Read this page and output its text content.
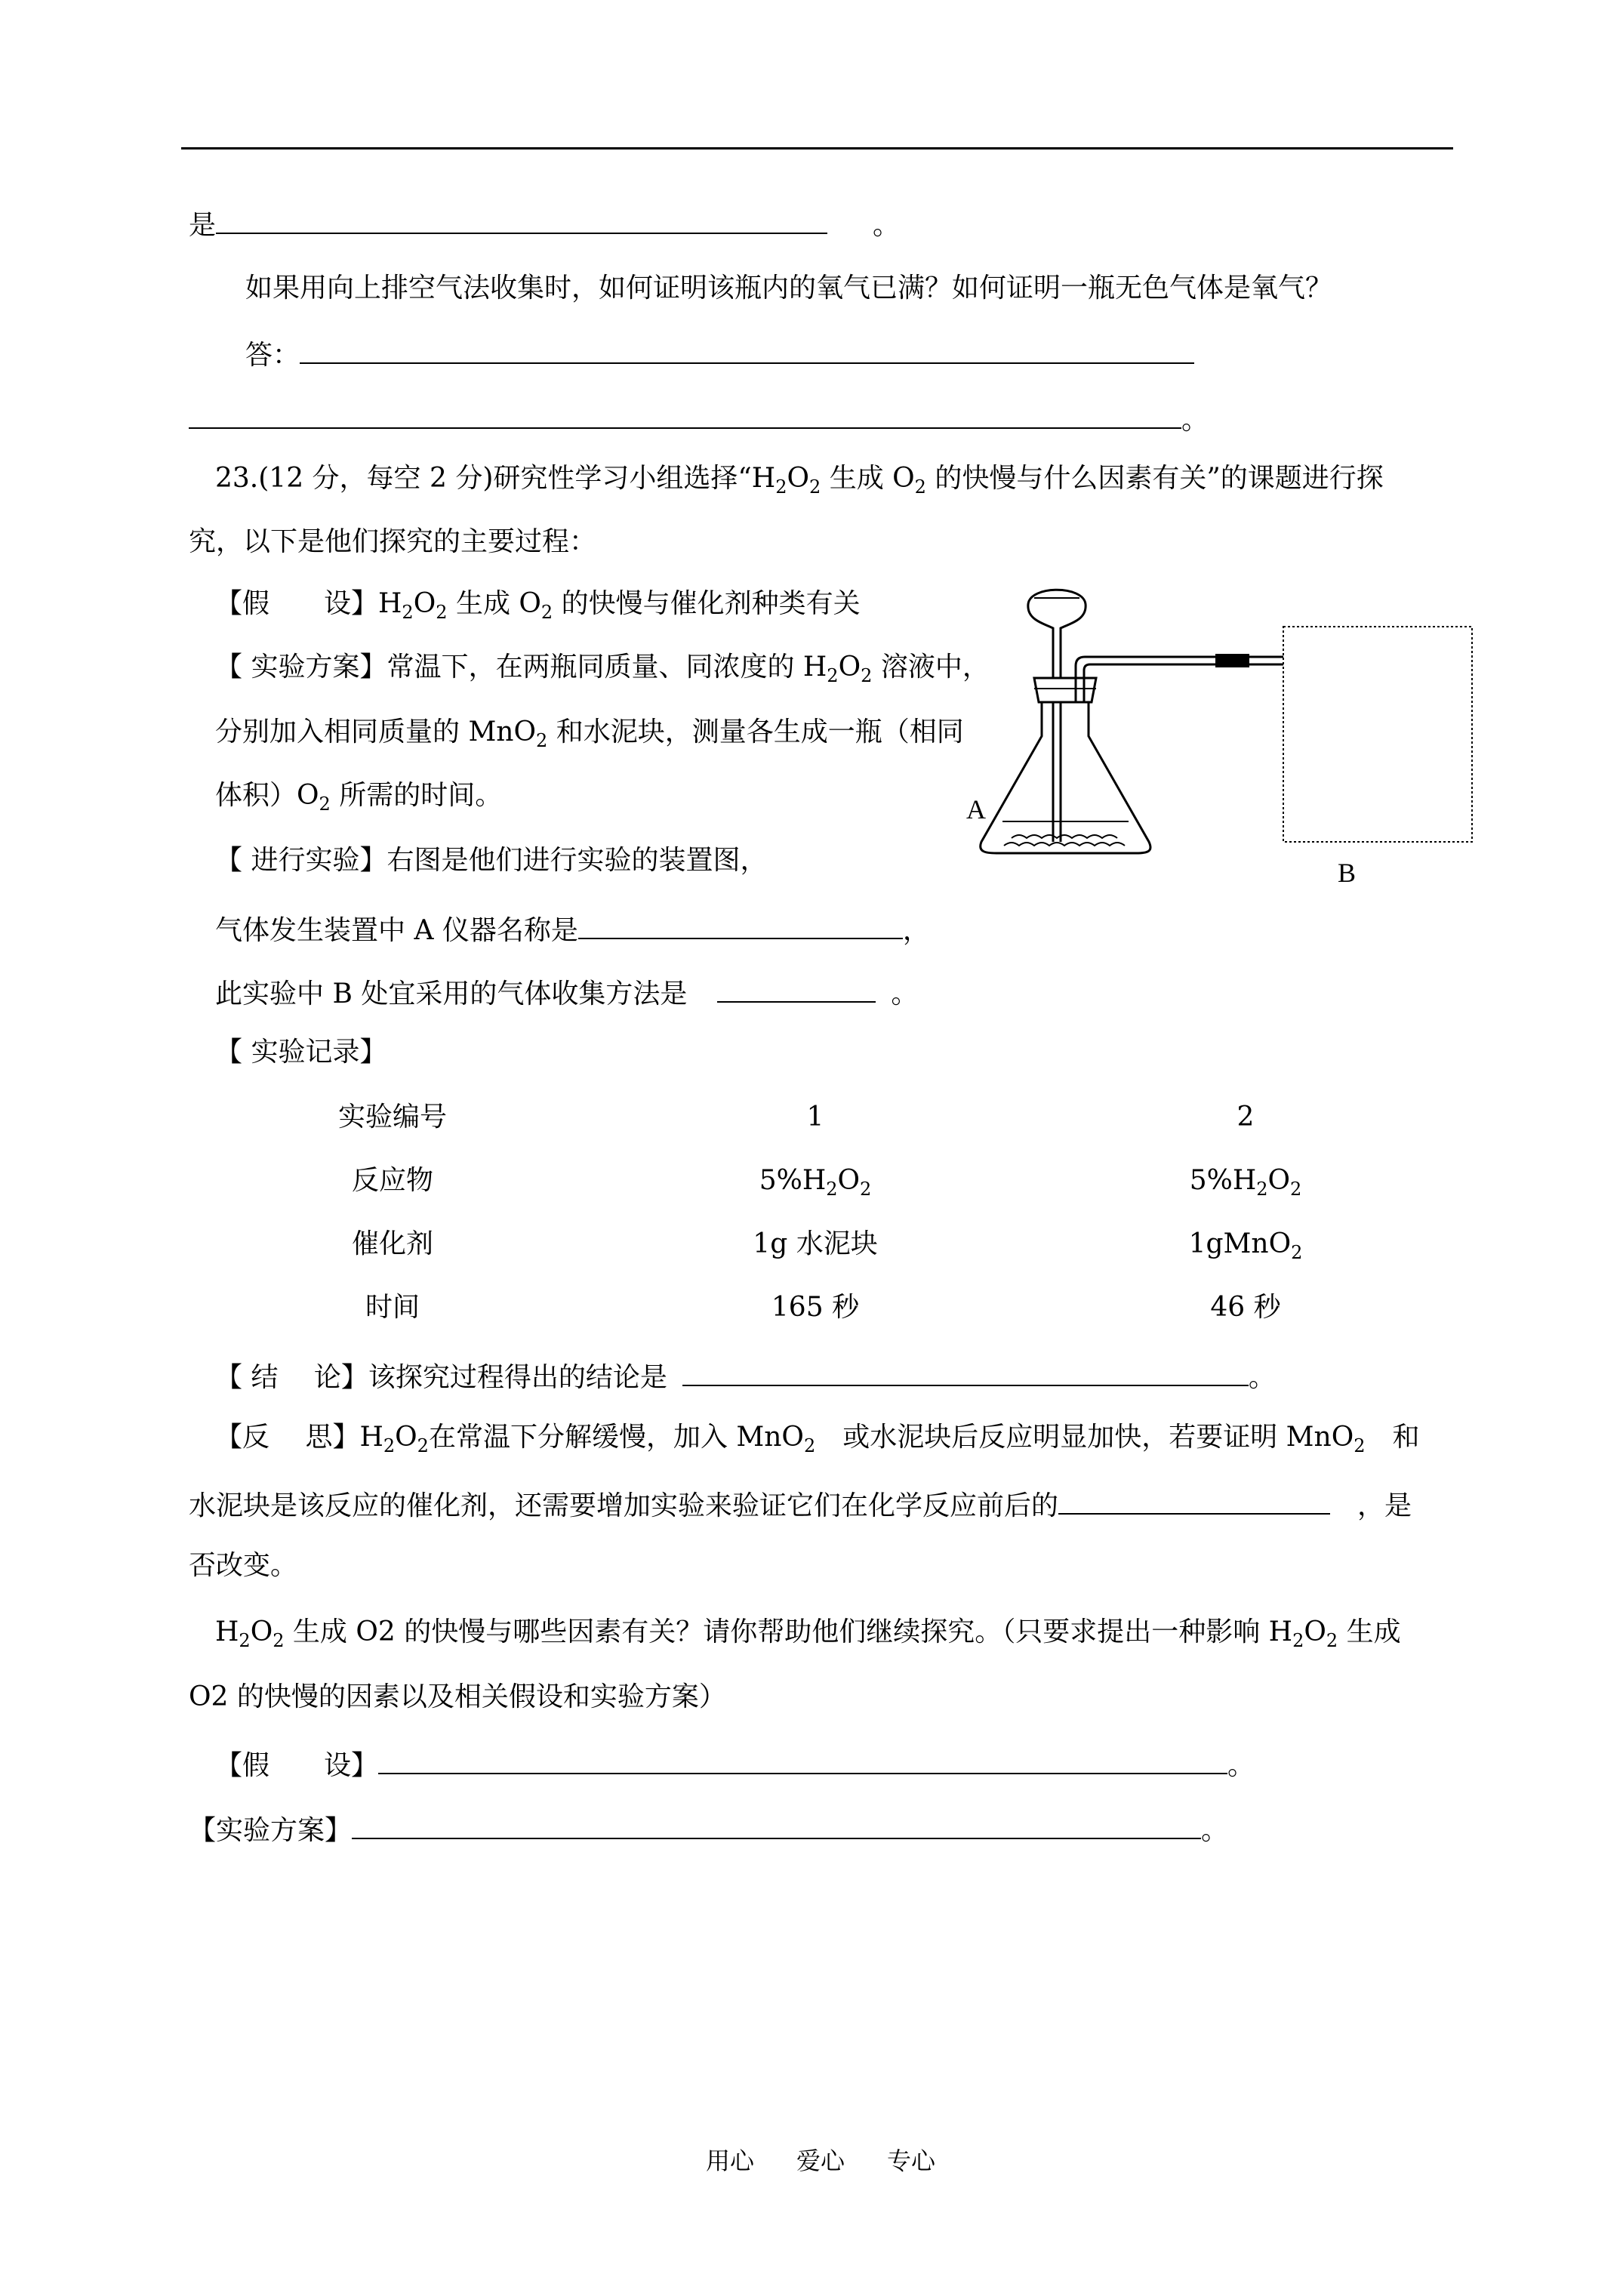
是	。
如果用向上排空气法收集时，如何证明该瓶内的氧气已满？如何证明一瓶无色气体是氧气？
答：
。
23.(12 分，每空 2 分)研究性学习小组选择“$H_2O_2$ 生成 $O_2$ 的快慢与什么因素有关”的课题进行探
究，以下是他们探究的主要过程：
【假　　设】$H_2O_2$ 生成 $O_2$ 的快慢与催化剂种类有关
【 实验方案】常温下，在两瓶同质量、同浓度的 $H_2O_2$ 溶液中，
分别加入相同质量的 MnO$_2$ 和水泥块，测量各生成一瓶（相同
体积）$O_2$ 所需的时间。	A
B
【 进行实验】右图是他们进行实验的装置图，
气体发生装置中 A 仪器名称是	，
此实验中 B 处宜采用的气体收集方法是	。
【 实验记录】
实验编号	1	2
反应物	$5\%H_2O_2$	$5\%H_2O_2$
催化剂	1g 水泥块	1gMnO$_2$
时间	165 秒	46 秒
【 结　 论】该探究过程得出的结论是	。
【反　 思】$H_2O_2$在常温下分解缓慢，加入 MnO$_2$　或水泥块后反应明显加快，若要证明 MnO$_2$　和
水泥块是该反应的催化剂，还需要增加实验来验证它们在化学反应前后的	，是
否改变。
$H_2O_2$ 生成 O2 的快慢与哪些因素有关？请你帮助他们继续探究。（只要求提出一种影响 $H_2O_2$ 生成
O2 的快慢的因素以及相关假设和实验方案）
【假　　设】	。
【实验方案】	。
用心 爱心 专心
